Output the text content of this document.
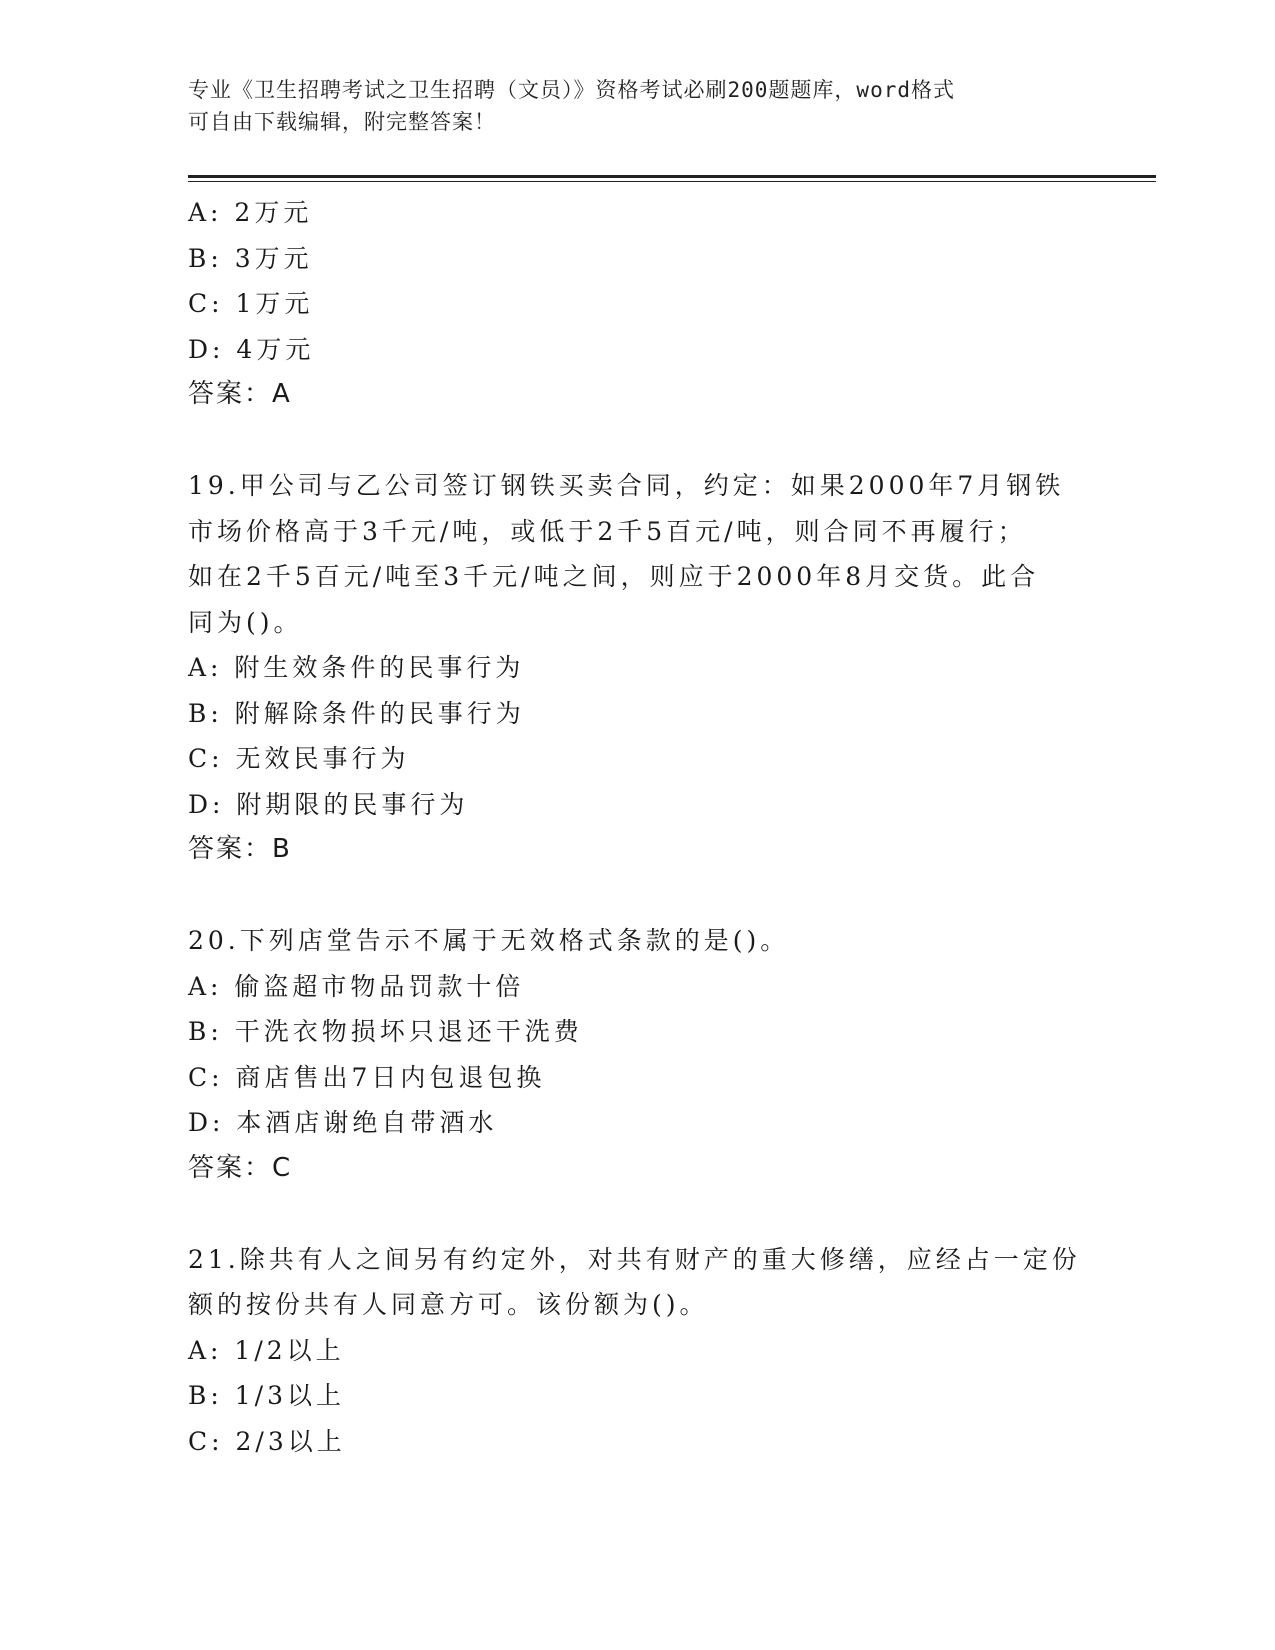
专业《卫生招聘考试之卫生招聘（文员）》资格考试必刷200题题库，word格式
可自由下载编辑，附完整答案！
A: 2万元
B: 3万元
C: 1万元
D: 4万元
答案：A
19.甲公司与乙公司签订钢铁买卖合同，约定：如果2000年7月钢铁
市场价格高于3千元/吨，或低于2千5百元/吨，则合同不再履行；
如在2千5百元/吨至3千元/吨之间，则应于2000年8月交货。此合
同为()。
A: 附生效条件的民事行为
B: 附解除条件的民事行为
C: 无效民事行为
D: 附期限的民事行为
答案：B
20.下列店堂告示不属于无效格式条款的是()。
A: 偷盗超市物品罚款十倍
B: 干洗衣物损坏只退还干洗费
C: 商店售出7日内包退包换
D: 本酒店谢绝自带酒水
答案：C
21.除共有人之间另有约定外，对共有财产的重大修缮，应经占一定份
额的按份共有人同意方可。该份额为()。
A: 1/2以上
B: 1/3以上
C: 2/3以上
